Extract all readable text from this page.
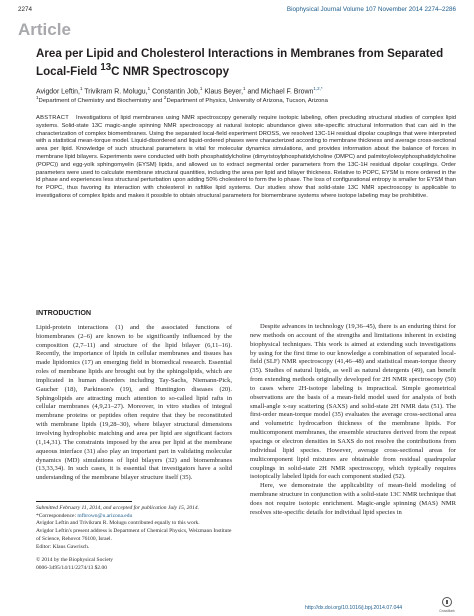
2274	Biophysical Journal Volume 107 November 2014 2274–2286
Article
Area per Lipid and Cholesterol Interactions in Membranes from Separated
Local-Field $^{13}$C NMR Spectroscopy
Avigdor Leftin,$^1$ Trivikram R. Molugu,$^1$ Constantin Job,$^1$ Klaus Beyer,$^1$ and Michael F. Brown$^{1,2,*}$
$^1$Department of Chemistry and Biochemistry and $^2$Department of Physics, University of Arizona, Tucson, Arizona
ABSTRACT Investigations of lipid membranes using NMR spectroscopy generally require isotopic labeling, often precluding structural studies of complex lipid systems. Solid-state 13C magic-angle spinning NMR spectroscopy at natural isotopic abundance gives site-specific structural information that can aid in the characterization of complex biomembranes. Using the separated local-field experiment DROSS, we resolved 13C-1H residual dipolar couplings that were interpreted with a statistical mean-torque model. Liquid-disordered and liquid-ordered phases were characterized according to membrane thickness and average cross-sectional area per lipid. Knowledge of such structural parameters is vital for molecular dynamics simulations, and provides information about the balance of forces in membrane lipid bilayers. Experiments were conducted with both phosphatidylcholine (dimyristoylphosphatidylcholine (DMPC) and palmitoyloleoylphosphatidylcholine (POPC)) and egg-yolk sphingomyelin (EYSM) lipids, and allowed us to extract segmental order parameters from the 13C-1H residual dipolar couplings. Order parameters were used to calculate membrane structural quantities, including the area per lipid and bilayer thickness. Relative to POPC, EYSM is more ordered in the ld phase and experiences less structural perturbation upon adding 50% cholesterol to form the lo phase. The loss of configurational entropy is smaller for EYSM than for POPC, thus favoring its interaction with cholesterol in raftlike lipid systems. Our studies show that solid-state 13C NMR spectroscopy is applicable to investigations of complex lipids and makes it possible to obtain structural parameters for biomembrane systems where isotope labeling may be prohibitive.
INTRODUCTION

Lipid-protein interactions (1) and the associated functions of biomembranes (2–6) are known to be significantly influenced by the composition (2,7–11) and structure of the lipid bilayer (6,11–16). Recently, the importance of lipids in cellular membranes and tissues has made lipidomics (17) an emerging field in biomedical research. Essential roles of membrane lipids are brought out by the sphingolipids, which are implicated in human disorders including Tay-Sachs, Niemann-Pick, Gaucher (18), Parkinson's (19), and Huntington diseases (20). Sphingolipids are attracting much attention to so-called lipid rafts in cellular membranes (4,9,21–27). Moreover, in vitro studies of integral membrane proteins or peptides often require that they be reconstituted with membrane lipids (19,28–30), where bilayer structural dimensions involving hydrophobic matching and area per lipid are significant factors (1,14,31). The constraints imposed by the area per lipid at the membrane aqueous interface (31) also play an important part in validating molecular dynamics (MD) simulations of lipid bilayers (32) and biomembranes (13,33,34). In such cases, it is essential that investigators have a solid understanding of the membrane bilayer structure itself (35).

Despite advances in technology (19,36–45), there is an enduring thirst for new methods on account of the strengths and limitations inherent in existing biophysical techniques. This work is aimed at extending such investigations by using for the first time to our knowledge a combination of separated local-field (SLF) NMR spectroscopy (41,46–48) and statistical mean-torque theory (35). Studies of natural lipids, as well as natural detergents (49), can benefit from extending methods originally developed for 2H NMR spectroscopy (50) to cases where 2H-isotope labeling is impractical. Simple geometrical observations are the basis of a mean-field model used for analysis of both small-angle x-ray scattering (SAXS) and solid-state 2H NMR data (51). The first-order mean-torque model (35) evaluates the average cross-sectional area and volumetric hydrocarbon thickness of the membrane lipids. For multicomponent membranes, the ensemble structures derived from the repeat spacings or electron densities in SAXS do not resolve the contributions from individual lipid species. However, average cross-sectional areas for multicomponent lipid mixtures are obtainable from residual quadrupolar couplings in solid-state 2H NMR spectroscopy, which typically requires isotopically labeled lipids for each component studied (52).

Here, we demonstrate the applicability of mean-field modeling of membrane structure in conjunction with a solid-state 13C NMR technique that does not require isotopic enrichment. Magic-angle spinning (MAS) NMR resolves site-specific details for individual lipid species in

Submitted February 11, 2014, and accepted for publication July 15, 2014.
*Correspondence: mfbrown@u.arizona.edu
Avigdor Leftin and Trivikram R. Molugu contributed equally to this work.
Avigdor Leftin's present address is Department of Chemical Physics, Weizmann Institute of Science, Rehovot 76100, Israel.
Editor: Klaus Gawrisch.
© 2014 by the Biophysical Society
0006-3495/14/11/2274/13 $2.00
http://dx.doi.org/10.1016/j.bpj.2014.07.044	CrossMark
